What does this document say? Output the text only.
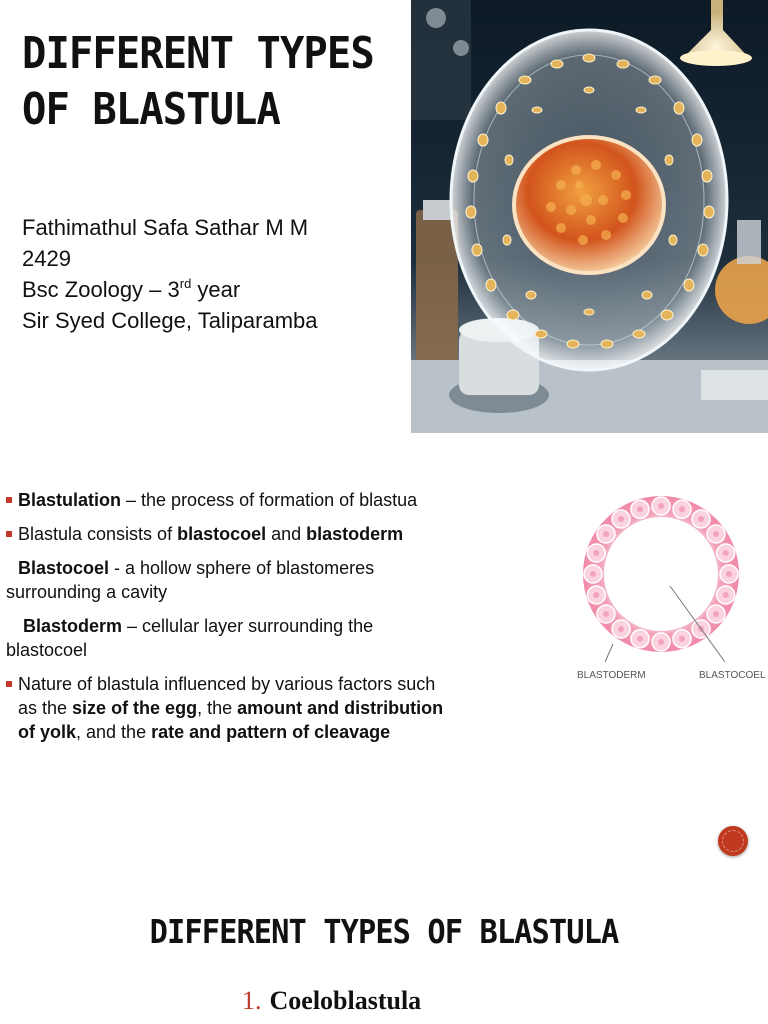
DIFFERENT TYPES
OF BLASTULA
Fathimathul Safa Sathar M M
2429
Bsc Zoology – 3rd year
Sir Syed College, Taliparamba
Blastulation – the process of formation of blastua
Blastula consists of blastocoel and blastoderm
Blastocoel - a hollow sphere of blastomeres
surrounding a cavity
Blastoderm – cellular layer surrounding the
blastocoel
Nature of blastula influenced by various factors such
as the size of the egg, the amount and distribution
of yolk, and the rate and pattern of cleavage
BLASTODERM	BLASTOCOEL
DIFFERENT TYPES OF BLASTULA
1. Coeloblastula
